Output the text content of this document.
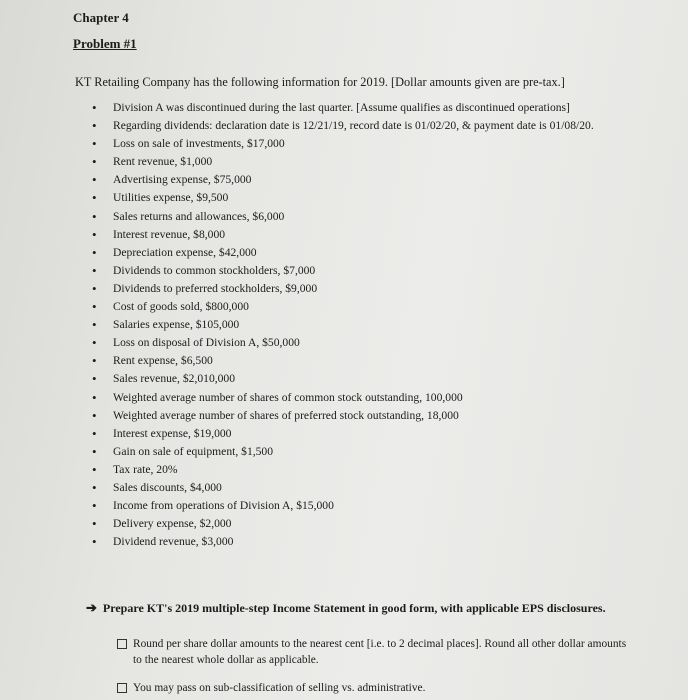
Chapter 4
Problem #1
KT Retailing Company has the following information for 2019. [Dollar amounts given are pre-tax.]
• Division A was discontinued during the last quarter. [Assume qualifies as discontinued operations]
• Regarding dividends: declaration date is 12/21/19, record date is 01/02/20, & payment date is 01/08/20.
• Loss on sale of investments, $17,000
• Rent revenue, $1,000
• Advertising expense, $75,000
• Utilities expense, $9,500
• Sales returns and allowances, $6,000
• Interest revenue, $8,000
• Depreciation expense, $42,000
• Dividends to common stockholders, $7,000
• Dividends to preferred stockholders, $9,000
• Cost of goods sold, $800,000
• Salaries expense, $105,000
• Loss on disposal of Division A, $50,000
• Rent expense, $6,500
• Sales revenue, $2,010,000
• Weighted average number of shares of common stock outstanding, 100,000
• Weighted average number of shares of preferred stock outstanding, 18,000
• Interest expense, $19,000
• Gain on sale of equipment, $1,500
• Tax rate, 20%
• Sales discounts, $4,000
• Income from operations of Division A, $15,000
• Delivery expense, $2,000
• Dividend revenue, $3,000
➔ Prepare KT's 2019 multiple-step Income Statement in good form, with applicable EPS disclosures.
Round per share dollar amounts to the nearest cent [i.e. to 2 decimal places]. Round all other dollar amounts to the nearest whole dollar as applicable.
You may pass on sub-classification of selling vs. administrative.
